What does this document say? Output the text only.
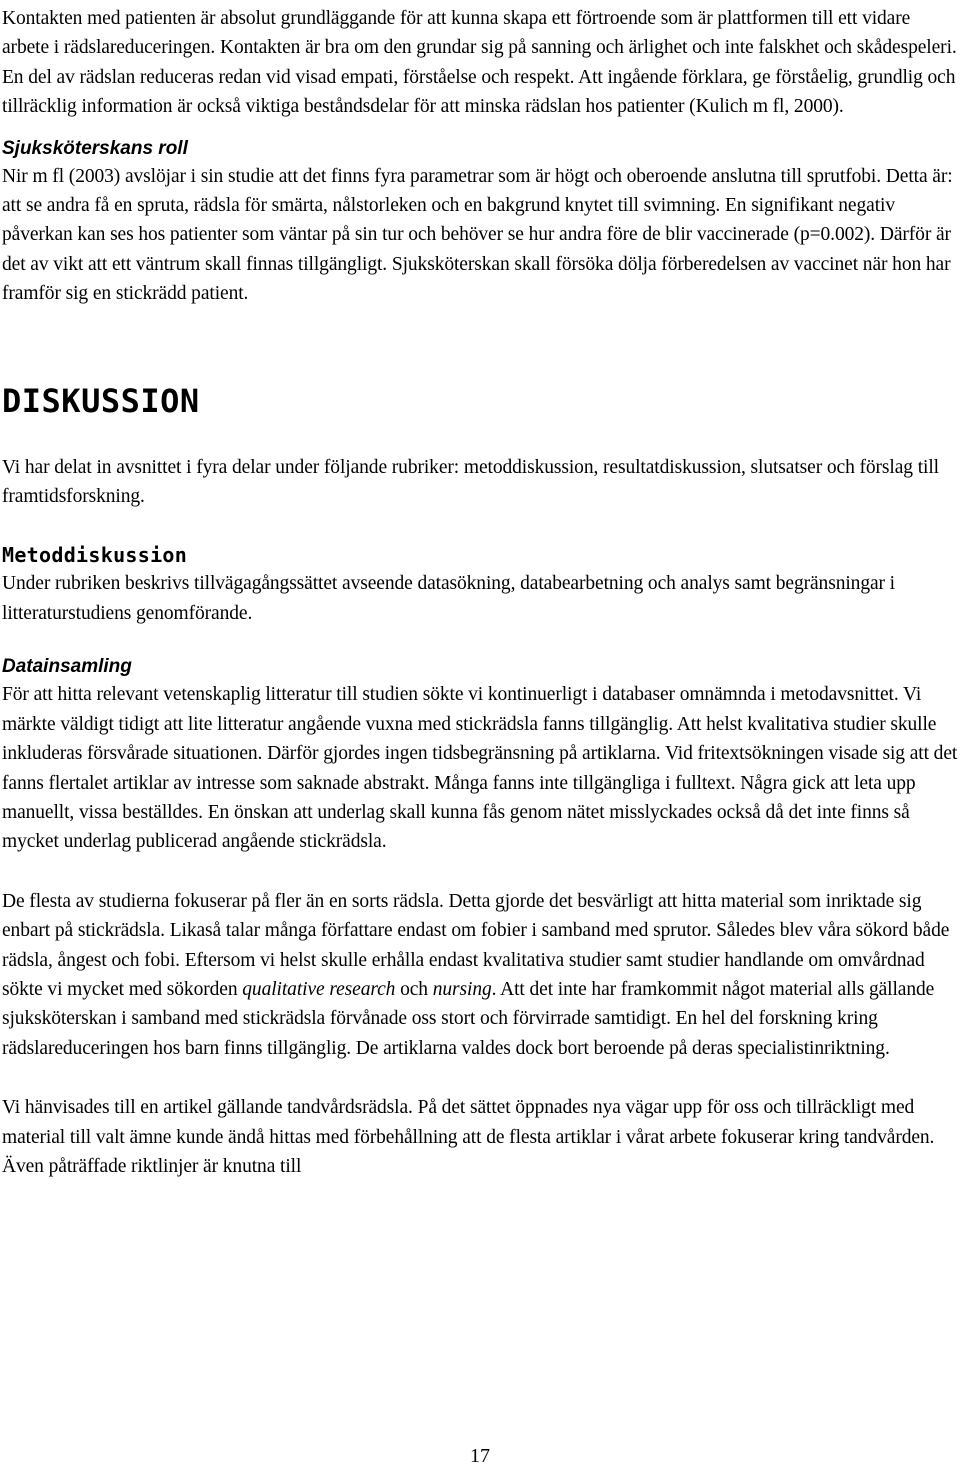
Kontakten med patienten är absolut grundläggande för att kunna skapa ett förtroende som är plattformen till ett vidare arbete i rädslareduceringen. Kontakten är bra om den grundar sig på sanning och ärlighet och inte falskhet och skådespeleri. En del av rädslan reduceras redan vid visad empati, förståelse och respekt. Att ingående förklara, ge förståelig, grundlig och tillräcklig information är också viktiga beståndsdelar för att minska rädslan hos patienter (Kulich m fl, 2000).

Sjuksköterskans roll

Nir m fl (2003) avslöjar i sin studie att det finns fyra parametrar som är högt och oberoende anslutna till sprutfobi. Detta är: att se andra få en spruta, rädsla för smärta, nålstorleken och en bakgrund knytet till svimning. En signifikant negativ påverkan kan ses hos patienter som väntar på sin tur och behöver se hur andra före de blir vaccinerade (p=0.002). Därför är det av vikt att ett väntrum skall finnas tillgängligt. Sjuksköterskan skall försöka dölja förberedelsen av vaccinet när hon har framför sig en stickrädd patient.

DISKUSSION

Vi har delat in avsnittet i fyra delar under följande rubriker: metoddiskussion, resultatdiskussion, slutsatser och förslag till framtidsforskning.

Metoddiskussion

Under rubriken beskrivs tillvägagångssättet avseende datasökning, databearbetning och analys samt begränsningar i litteraturstudiens genomförande.

Datainsamling

För att hitta relevant vetenskaplig litteratur till studien sökte vi kontinuerligt i databaser omnämnda i metodavsnittet. Vi märkte väldigt tidigt att lite litteratur angående vuxna med stickrädsla fanns tillgänglig. Att helst kvalitativa studier skulle inkluderas försvårade situationen. Därför gjordes ingen tidsbegränsning på artiklarna. Vid fritextsökningen visade sig att det fanns flertalet artiklar av intresse som saknade abstrakt. Många fanns inte tillgängliga i fulltext. Några gick att leta upp manuellt, vissa beställdes. En önskan att underlag skall kunna fås genom nätet misslyckades också då det inte finns så mycket underlag publicerad angående stickrädsla.

De flesta av studierna fokuserar på fler än en sorts rädsla. Detta gjorde det besvärligt att hitta material som inriktade sig enbart på stickrädsla. Likaså talar många författare endast om fobier i samband med sprutor. Således blev våra sökord både rädsla, ångest och fobi. Eftersom vi helst skulle erhålla endast kvalitativa studier samt studier handlande om omvårdnad sökte vi mycket med sökorden qualitative research och nursing. Att det inte har framkommit något material alls gällande sjuksköterskan i samband med stickrädsla förvånade oss stort och förvirrade samtidigt. En hel del forskning kring rädslareduceringen hos barn finns tillgänglig. De artiklarna valdes dock bort beroende på deras specialistinriktning.

Vi hänvisades till en artikel gällande tandvårdsrädsla. På det sättet öppnades nya vägar upp för oss och tillräckligt med material till valt ämne kunde ändå hittas med förbehållning att de flesta artiklar i vårat arbete fokuserar kring tandvården. Även påträffade riktlinjer är knutna till

17
